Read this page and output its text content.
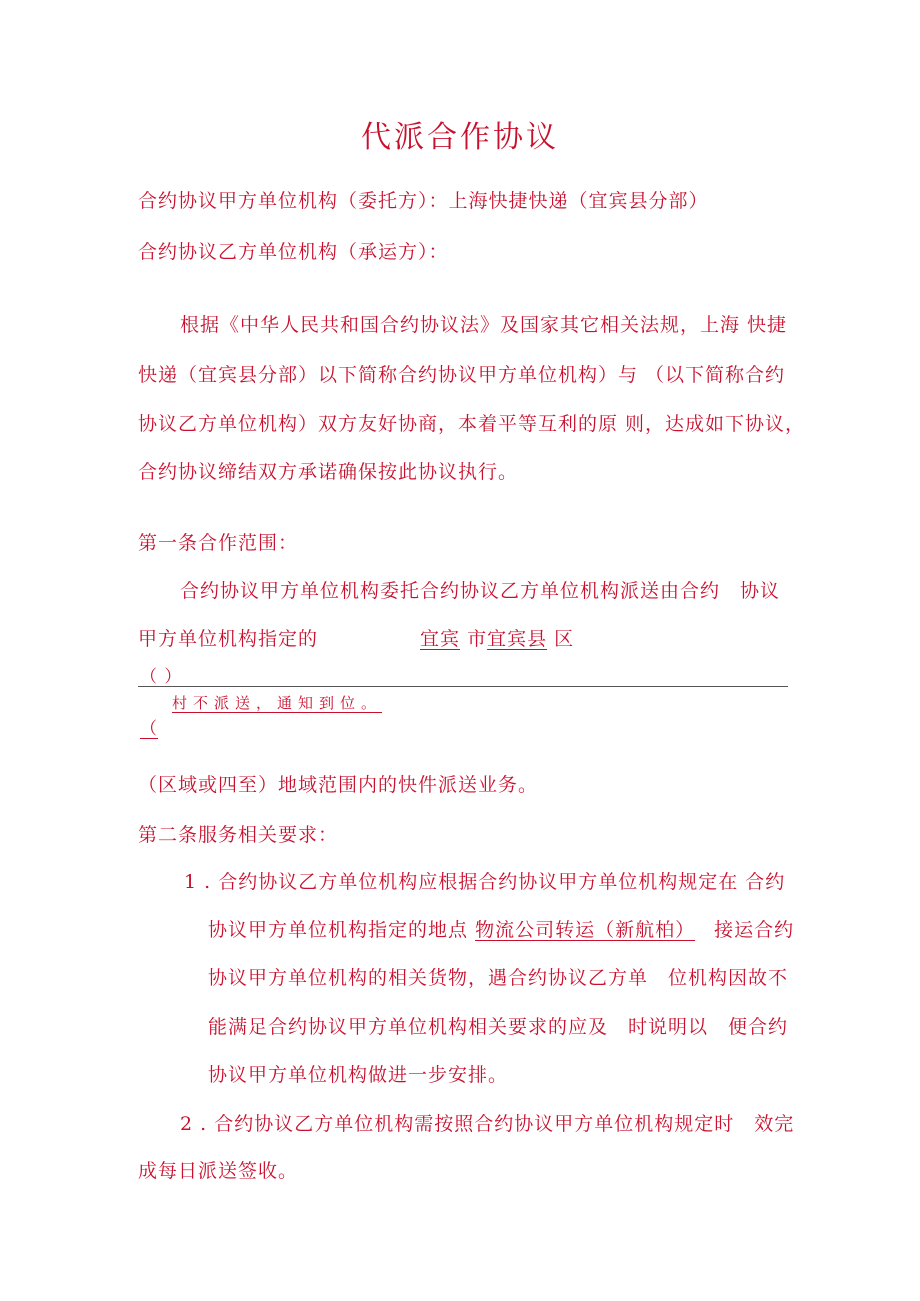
代派合作协议
合约协议甲方单位机构（委托方）：上海快捷快递（宜宾县分部）
合约协议乙方单位机构（承运方）：
根据《中华人民共和国合约协议法》及国家其它相关法规，上海 快捷
快递（宜宾县分部）以下简称合约协议甲方单位机构）与 （以下简称合约
协议乙方单位机构）双方友好协商，本着平等互利的原 则，达成如下协议，
合约协议缔结双方承诺确保按此协议执行。
第一条合作范围：
合约协议甲方单位机构委托合约协议乙方单位机构派送由合约　协议
甲方单位机构指定的	宜宾 市宜宾县 区
（ ）
村不派送，通知到位。
（
（区域或四至）地域范围内的快件派送业务。
第二条服务相关要求：
1 . 合约协议乙方单位机构应根据合约协议甲方单位机构规定在 合约
协议甲方单位机构指定的地点 物流公司转运（新航柏） 接运合约
协议甲方单位机构的相关货物，遇合约协议乙方单　位机构因故不
能满足合约协议甲方单位机构相关要求的应及　时说明以　便合约
协议甲方单位机构做进一步安排。
2 . 合约协议乙方单位机构需按照合约协议甲方单位机构规定时　效完
成每日派送签收。
